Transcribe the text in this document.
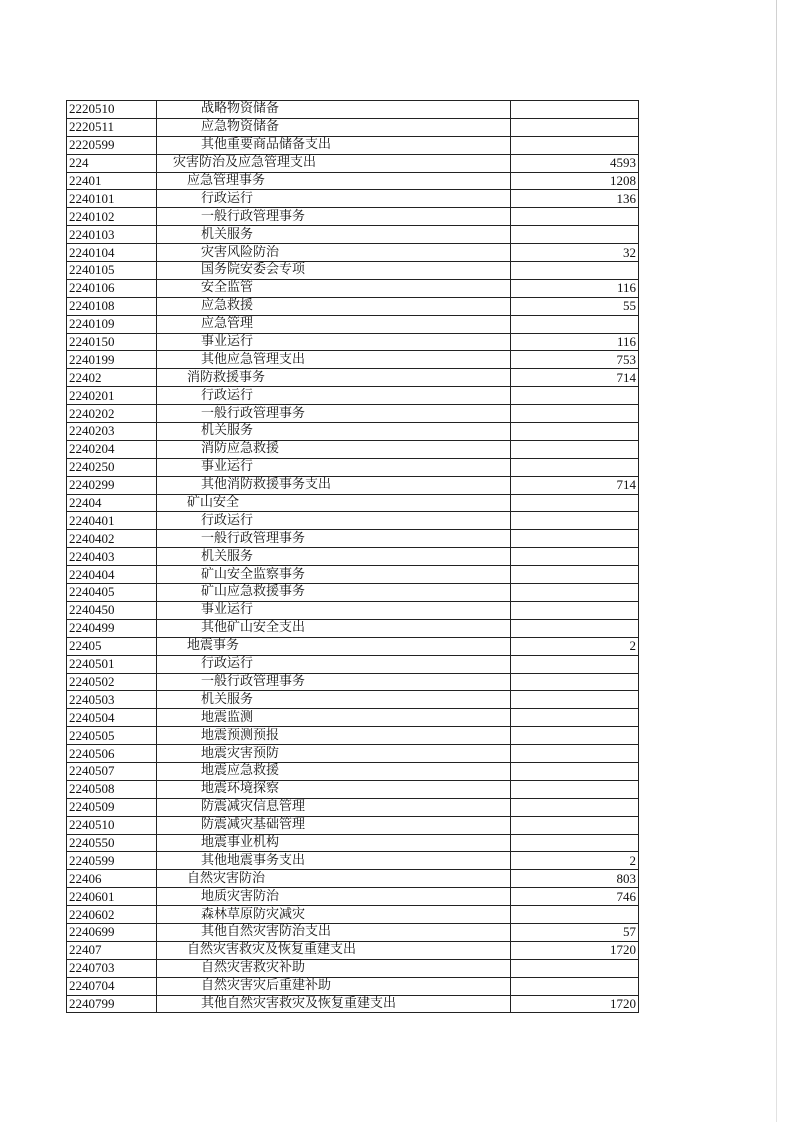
2220510	战略物资储备	
2220511	应急物资储备	
2220599	其他重要商品储备支出	
224	灾害防治及应急管理支出	4593
22401	应急管理事务	1208
2240101	行政运行	136
2240102	一般行政管理事务	
2240103	机关服务	
2240104	灾害风险防治	32
2240105	国务院安委会专项	
2240106	安全监管	116
2240108	应急救援	55
2240109	应急管理	
2240150	事业运行	116
2240199	其他应急管理支出	753
22402	消防救援事务	714
2240201	行政运行	
2240202	一般行政管理事务	
2240203	机关服务	
2240204	消防应急救援	
2240250	事业运行	
2240299	其他消防救援事务支出	714
22404	矿山安全	
2240401	行政运行	
2240402	一般行政管理事务	
2240403	机关服务	
2240404	矿山安全监察事务	
2240405	矿山应急救援事务	
2240450	事业运行	
2240499	其他矿山安全支出	
22405	地震事务	2
2240501	行政运行	
2240502	一般行政管理事务	
2240503	机关服务	
2240504	地震监测	
2240505	地震预测预报	
2240506	地震灾害预防	
2240507	地震应急救援	
2240508	地震环境探察	
2240509	防震减灾信息管理	
2240510	防震减灾基础管理	
2240550	地震事业机构	
2240599	其他地震事务支出	2
22406	自然灾害防治	803
2240601	地质灾害防治	746
2240602	森林草原防灾减灾	
2240699	其他自然灾害防治支出	57
22407	自然灾害救灾及恢复重建支出	1720
2240703	自然灾害救灾补助	
2240704	自然灾害灾后重建补助	
2240799	其他自然灾害救灾及恢复重建支出	1720
